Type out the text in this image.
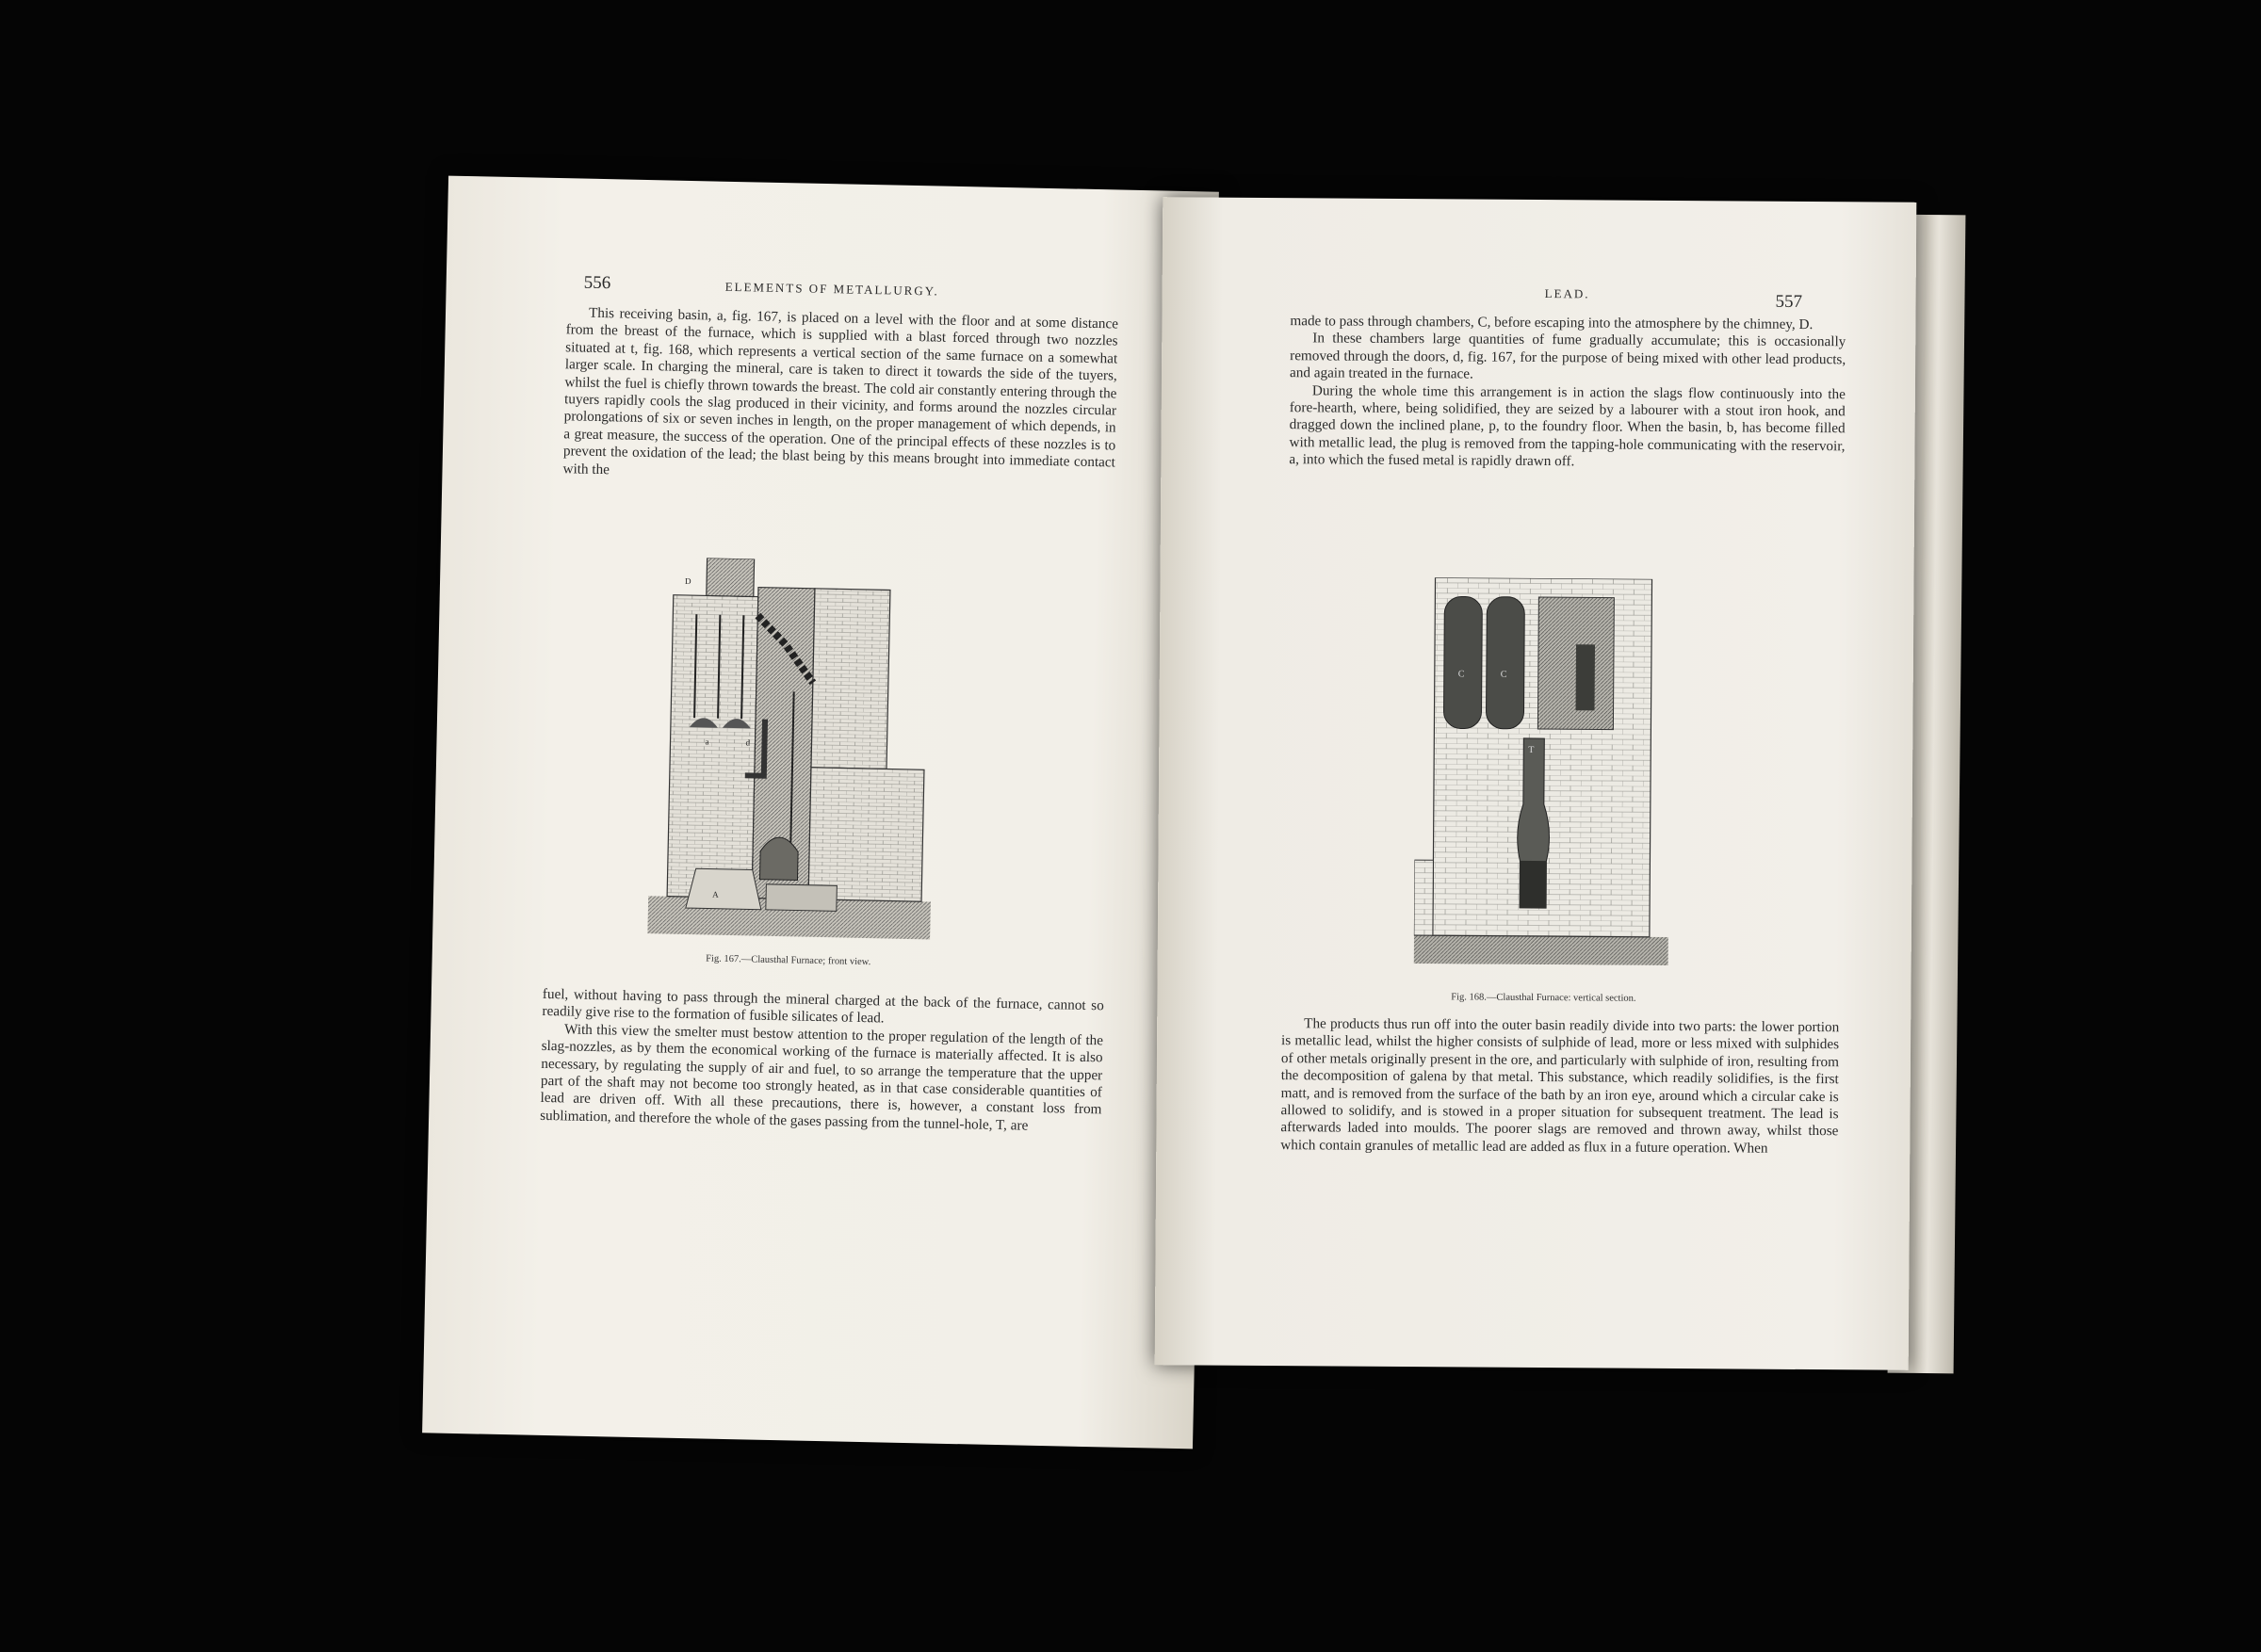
556	ELEMENTS OF METALLURGY.

This receiving basin, a, fig. 167, is placed on a level with the floor and at some distance from the breast of the furnace, which is supplied with a blast forced through two nozzles situated at t, fig. 168, which represents a vertical section of the same furnace on a somewhat larger scale. In charging the mineral, care is taken to direct it towards the side of the tuyers, whilst the fuel is chiefly thrown towards the breast. The cold air constantly entering through the tuyers rapidly cools the slag produced in their vicinity, and forms around the nozzles circular prolongations of six or seven inches in length, on the proper management of which depends, in a great measure, the success of the operation. One of the principal effects of these nozzles is to prevent the oxidation of the lead; the blast being by this means brought into immediate contact with the

D
a	d
A
Fig. 167.—Clausthal Furnace; front view.

fuel, without having to pass through the mineral charged at the back of the furnace, cannot so readily give rise to the formation of fusible silicates of lead.

With this view the smelter must bestow attention to the proper regulation of the length of the slag-nozzles, as by them the economical working of the furnace is materially affected. It is also necessary, by regulating the supply of air and fuel, to so arrange the temperature that the upper part of the shaft may not become too strongly heated, as in that case considerable quantities of lead are driven off. With all these precautions, there is, however, a constant loss from sublimation, and therefore the whole of the gases passing from the tunnel-hole, T, are

LEAD.	557

made to pass through chambers, C, before escaping into the atmosphere by the chimney, D.

In these chambers large quantities of fume gradually accumulate; this is occasionally removed through the doors, d, fig. 167, for the purpose of being mixed with other lead products, and again treated in the furnace.

During the whole time this arrangement is in action the slags flow continuously into the fore-hearth, where, being solidified, they are seized by a labourer with a stout iron hook, and dragged down the inclined plane, p, to the foundry floor. When the basin, b, has become filled with metallic lead, the plug is removed from the tapping-hole communicating with the reservoir, a, into which the fused metal is rapidly drawn off.

C	C
T
Fig. 168.—Clausthal Furnace: vertical section.

The products thus run off into the outer basin readily divide into two parts: the lower portion is metallic lead, whilst the higher consists of sulphide of lead, more or less mixed with sulphides of other metals originally present in the ore, and particularly with sulphide of iron, resulting from the decomposition of galena by that metal. This substance, which readily solidifies, is the first matt, and is removed from the surface of the bath by an iron eye, around which a circular cake is allowed to solidify, and is stowed in a proper situation for subsequent treatment. The lead is afterwards laded into moulds. The poorer slags are removed and thrown away, whilst those which contain granules of metallic lead are added as flux in a future operation. When
